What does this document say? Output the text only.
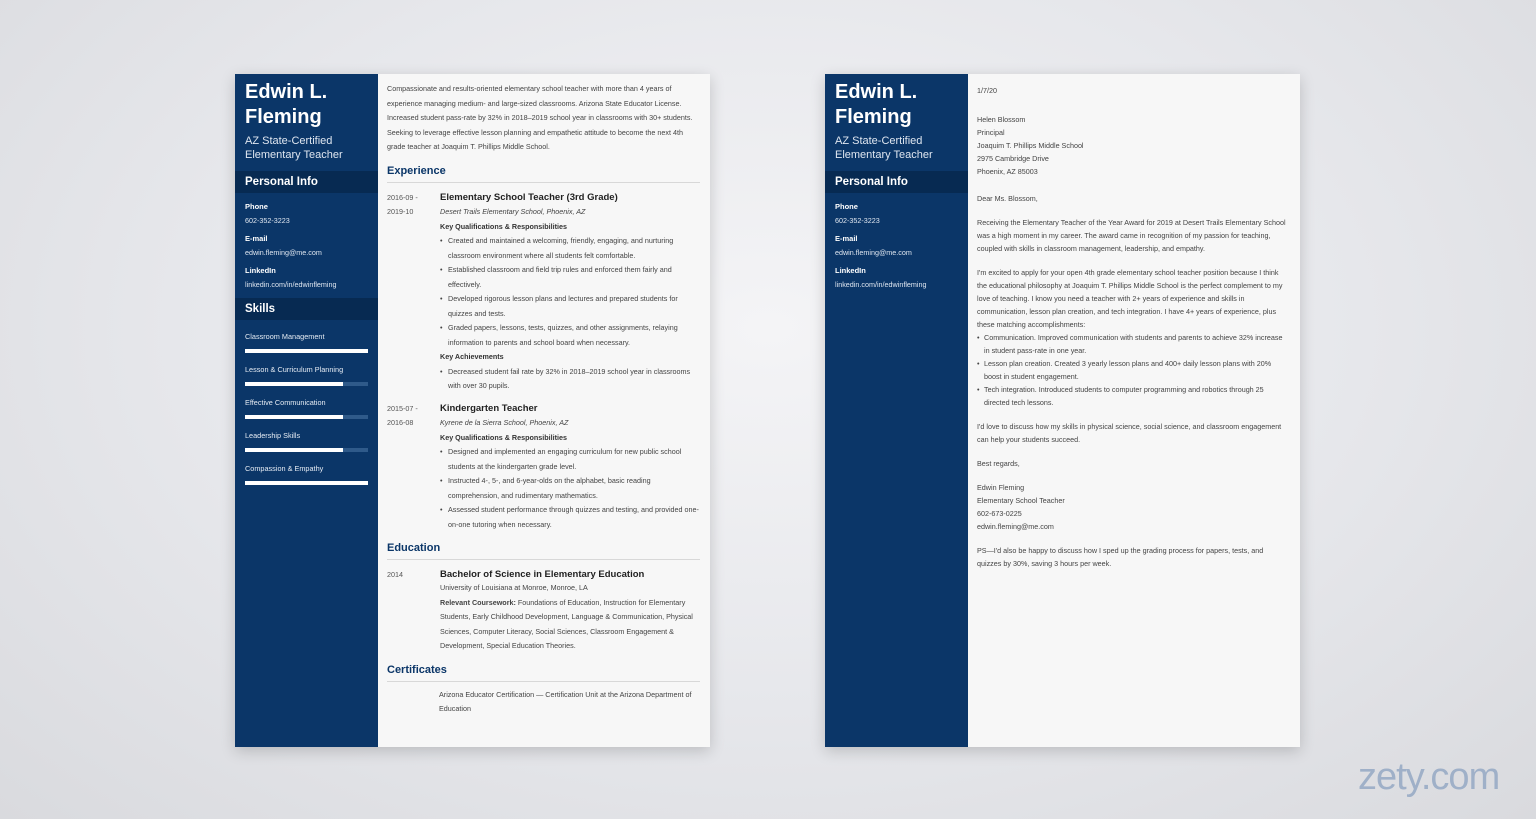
Edwin L.
Fleming
AZ State-Certified
Elementary Teacher
Personal Info
Phone
602-352-3223
E-mail
edwin.fleming@me.com
LinkedIn
linkedin.com/in/edwinfleming
Skills
Classroom Management
Lesson & Curriculum Planning
Effective Communication
Leadership Skills
Compassion & Empathy
Compassionate and results-oriented elementary school teacher with more than 4 years of experience managing medium- and large-sized classrooms. Arizona State Educator License. Increased student pass-rate by 32% in 2018–2019 school year in classrooms with 30+ students. Seeking to leverage effective lesson planning and empathetic attitude to become the next 4th grade teacher at Joaquim T. Phillips Middle School.
Experience
2016-09 -
2019-10
Elementary School Teacher (3rd Grade)
Desert Trails Elementary School, Phoenix, AZ
Key Qualifications & Responsibilities
• Created and maintained a welcoming, friendly, engaging, and nurturing classroom environment where all students felt comfortable.
• Established classroom and field trip rules and enforced them fairly and effectively.
• Developed rigorous lesson plans and lectures and prepared students for quizzes and tests.
• Graded papers, lessons, tests, quizzes, and other assignments, relaying information to parents and school board when necessary.
Key Achievements
• Decreased student fail rate by 32% in 2018–2019 school year in classrooms with over 30 pupils.
2015-07 -
2016-08
Kindergarten Teacher
Kyrene de la Sierra School, Phoenix, AZ
Key Qualifications & Responsibilities
• Designed and implemented an engaging curriculum for new public school students at the kindergarten grade level.
• Instructed 4-, 5-, and 6-year-olds on the alphabet, basic reading comprehension, and rudimentary mathematics.
• Assessed student performance through quizzes and testing, and provided one-on-one tutoring when necessary.
Education
2014	Bachelor of Science in Elementary Education
University of Louisiana at Monroe, Monroe, LA
Relevant Coursework: Foundations of Education, Instruction for Elementary Students, Early Childhood Development, Language & Communication, Physical Sciences, Computer Literacy, Social Sciences, Classroom Engagement & Development, Special Education Theories.
Certificates
Arizona Educator Certification — Certification Unit at the Arizona Department of Education
Edwin L.
Fleming
AZ State-Certified
Elementary Teacher
Personal Info
Phone
602-352-3223
E-mail
edwin.fleming@me.com
LinkedIn
linkedin.com/in/edwinfleming
1/7/20
Helen Blossom
Principal
Joaquim T. Phillips Middle School
2975 Cambridge Drive
Phoenix, AZ 85003
Dear Ms. Blossom,
Receiving the Elementary Teacher of the Year Award for 2019 at Desert Trails Elementary School was a high moment in my career. The award came in recognition of my passion for teaching, coupled with skills in classroom management, leadership, and empathy.
I'm excited to apply for your open 4th grade elementary school teacher position because I think the educational philosophy at Joaquim T. Phillips Middle School is the perfect complement to my love of teaching. I know you need a teacher with 2+ years of experience and skills in communication, lesson plan creation, and tech integration. I have 4+ years of experience, plus these matching accomplishments:
• Communication. Improved communication with students and parents to achieve 32% increase in student pass-rate in one year.
• Lesson plan creation. Created 3 yearly lesson plans and 400+ daily lesson plans with 20% boost in student engagement.
• Tech integration. Introduced students to computer programming and robotics through 25 directed tech lessons.
I'd love to discuss how my skills in physical science, social science, and classroom engagement can help your students succeed.
Best regards,
Edwin Fleming
Elementary School Teacher
602-673-0225
edwin.fleming@me.com
PS—I'd also be happy to discuss how I sped up the grading process for papers, tests, and quizzes by 30%, saving 3 hours per week.
zety.com
